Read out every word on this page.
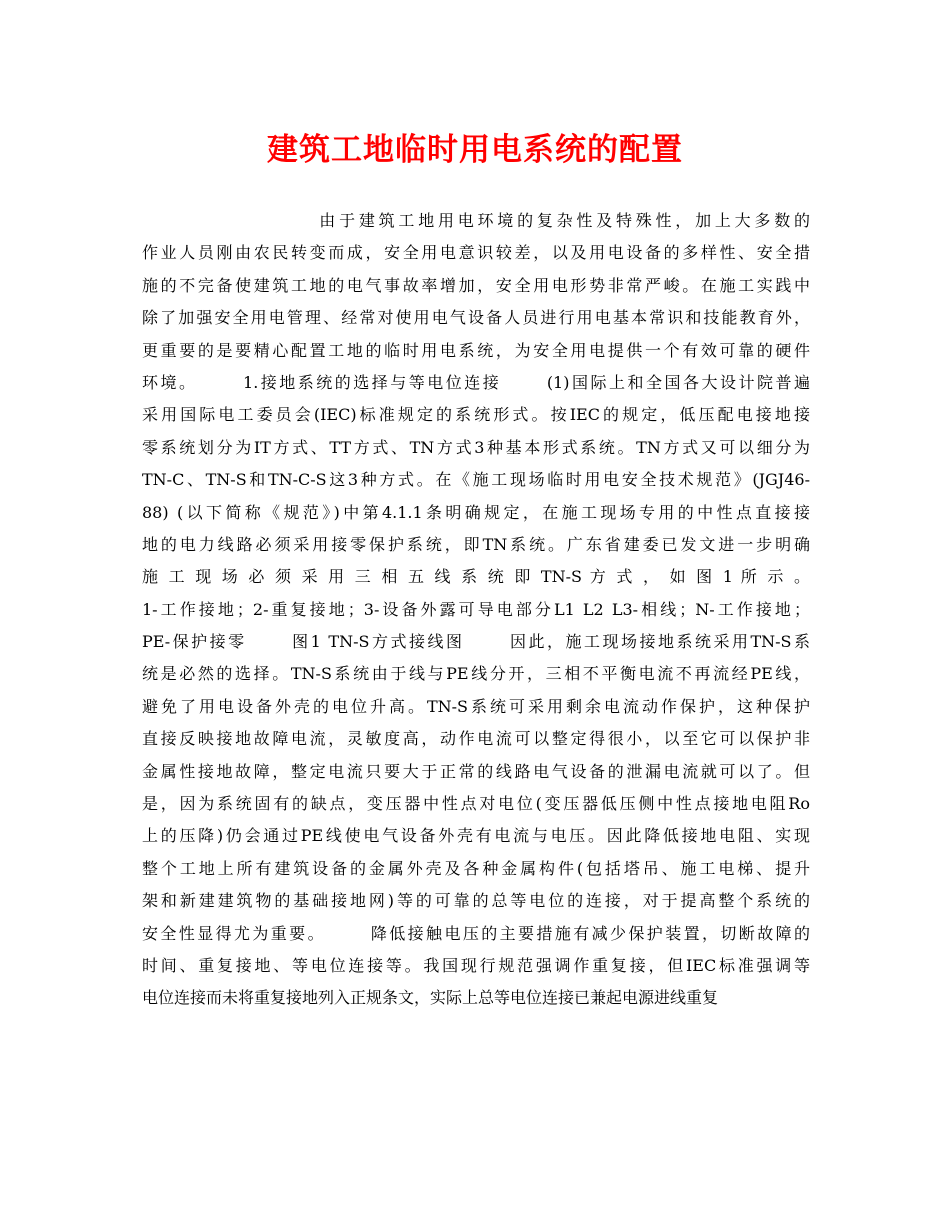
建筑工地临时用电系统的配置
由于建筑工地用电环境的复杂性及特殊性，加上大多数的
作业人员刚由农民转变而成，安全用电意识较差，以及用电设备的多样性、安全措
施的不完备使建筑工地的电气事故率增加，安全用电形势非常严峻。在施工实践中
除了加强安全用电管理、经常对使用电气设备人员进行用电基本常识和技能教育外，
更重要的是要精心配置工地的临时用电系统，为安全用电提供一个有效可靠的硬件
环境。      1.接地系统的选择与等电位连接      (1)国际上和全国各大设计院普遍
采用国际电工委员会(IEC)标准规定的系统形式。按IEC的规定，低压配电接地接
零系统划分为IT方式、TT方式、TN方式3种基本形式系统。TN方式又可以细分为
TN-C、TN-S和TN-C-S这3种方式。在《施工现场临时用电安全技术规范》(JGJ46-
88) (以下简称《规范》)中第4.1.1条明确规定，在施工现场专用的中性点直接接
地的电力线路必须采用接零保护系统，即TN系统。广东省建委已发文进一步明确
施 工 现 场 必 须 采 用 三 相 五 线 系 统 即 TN-S 方 式 ， 如 图 1 所 示 。
1-工作接地；2-重复接地；3-设备外露可导电部分L1 L2 L3-相线；N-工作接地；
PE-保护接零      图1 TN-S方式接线图      因此，施工现场接地系统采用TN-S系
统是必然的选择。TN-S系统由于线与PE线分开，三相不平衡电流不再流经PE线，
避免了用电设备外壳的电位升高。TN-S系统可采用剩余电流动作保护，这种保护
直接反映接地故障电流，灵敏度高，动作电流可以整定得很小，以至它可以保护非
金属性接地故障，整定电流只要大于正常的线路电气设备的泄漏电流就可以了。但
是，因为系统固有的缺点，变压器中性点对电位(变压器低压侧中性点接地电阻Ro
上的压降)仍会通过PE线使电气设备外壳有电流与电压。因此降低接地电阻、实现
整个工地上所有建筑设备的金属外壳及各种金属构件(包括塔吊、施工电梯、提升
架和新建建筑物的基础接地网)等的可靠的总等电位的连接，对于提高整个系统的
安全性显得尤为重要。      降低接触电压的主要措施有减少保护装置，切断故障的
时间、重复接地、等电位连接等。我国现行规范强调作重复接，但IEC标准强调等
电位连接而未将重复接地列入正规条文，实际上总等电位连接已兼起电源进线重复
